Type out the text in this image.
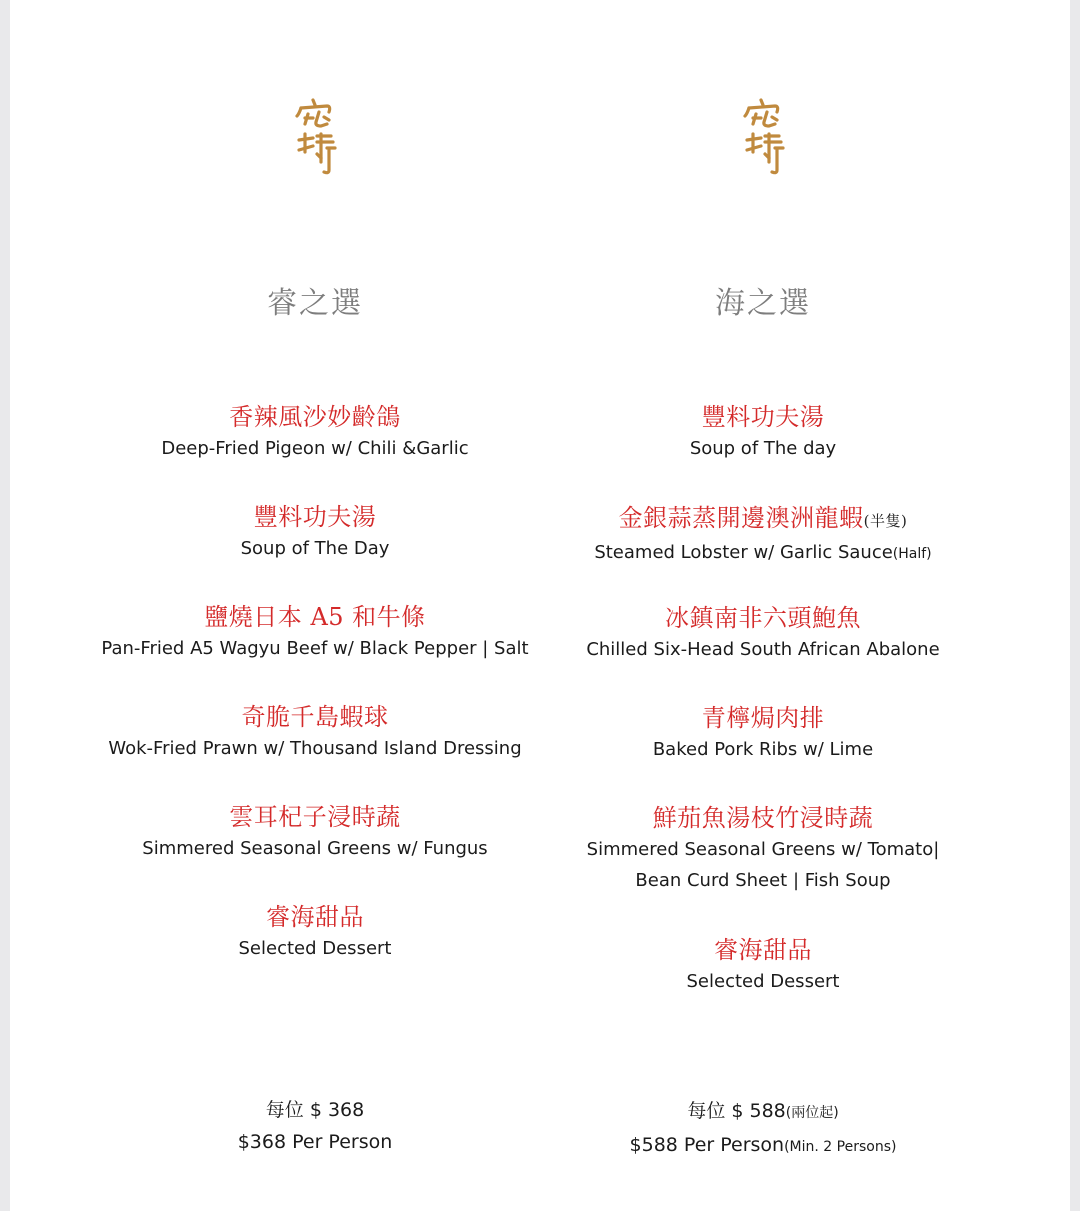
睿之選
香辣風沙妙齡鴿
Deep-Fried Pigeon w/ Chili &Garlic
豐料功夫湯
Soup of The Day
鹽燒日本 A5 和牛條
Pan-Fried A5 Wagyu Beef w/ Black Pepper | Salt
奇脆千島蝦球
Wok-Fried Prawn w/ Thousand Island Dressing
雲耳杞子浸時蔬
Simmered Seasonal Greens w/ Fungus
睿海甜品
Selected Dessert
每位 $ 368
$368 Per Person
海之選
豐料功夫湯
Soup of The day
金銀蒜蒸開邊澳洲龍蝦(半隻)
Steamed Lobster w/ Garlic Sauce(Half)
冰鎮南非六頭鮑魚
Chilled Six-Head South African Abalone
青檸焗肉排
Baked Pork Ribs w/ Lime
鮮茄魚湯枝竹浸時蔬
Simmered Seasonal Greens w/ Tomato|
Bean Curd Sheet | Fish Soup
睿海甜品
Selected Dessert
每位 $ 588(兩位起)
$588 Per Person(Min. 2 Persons)
